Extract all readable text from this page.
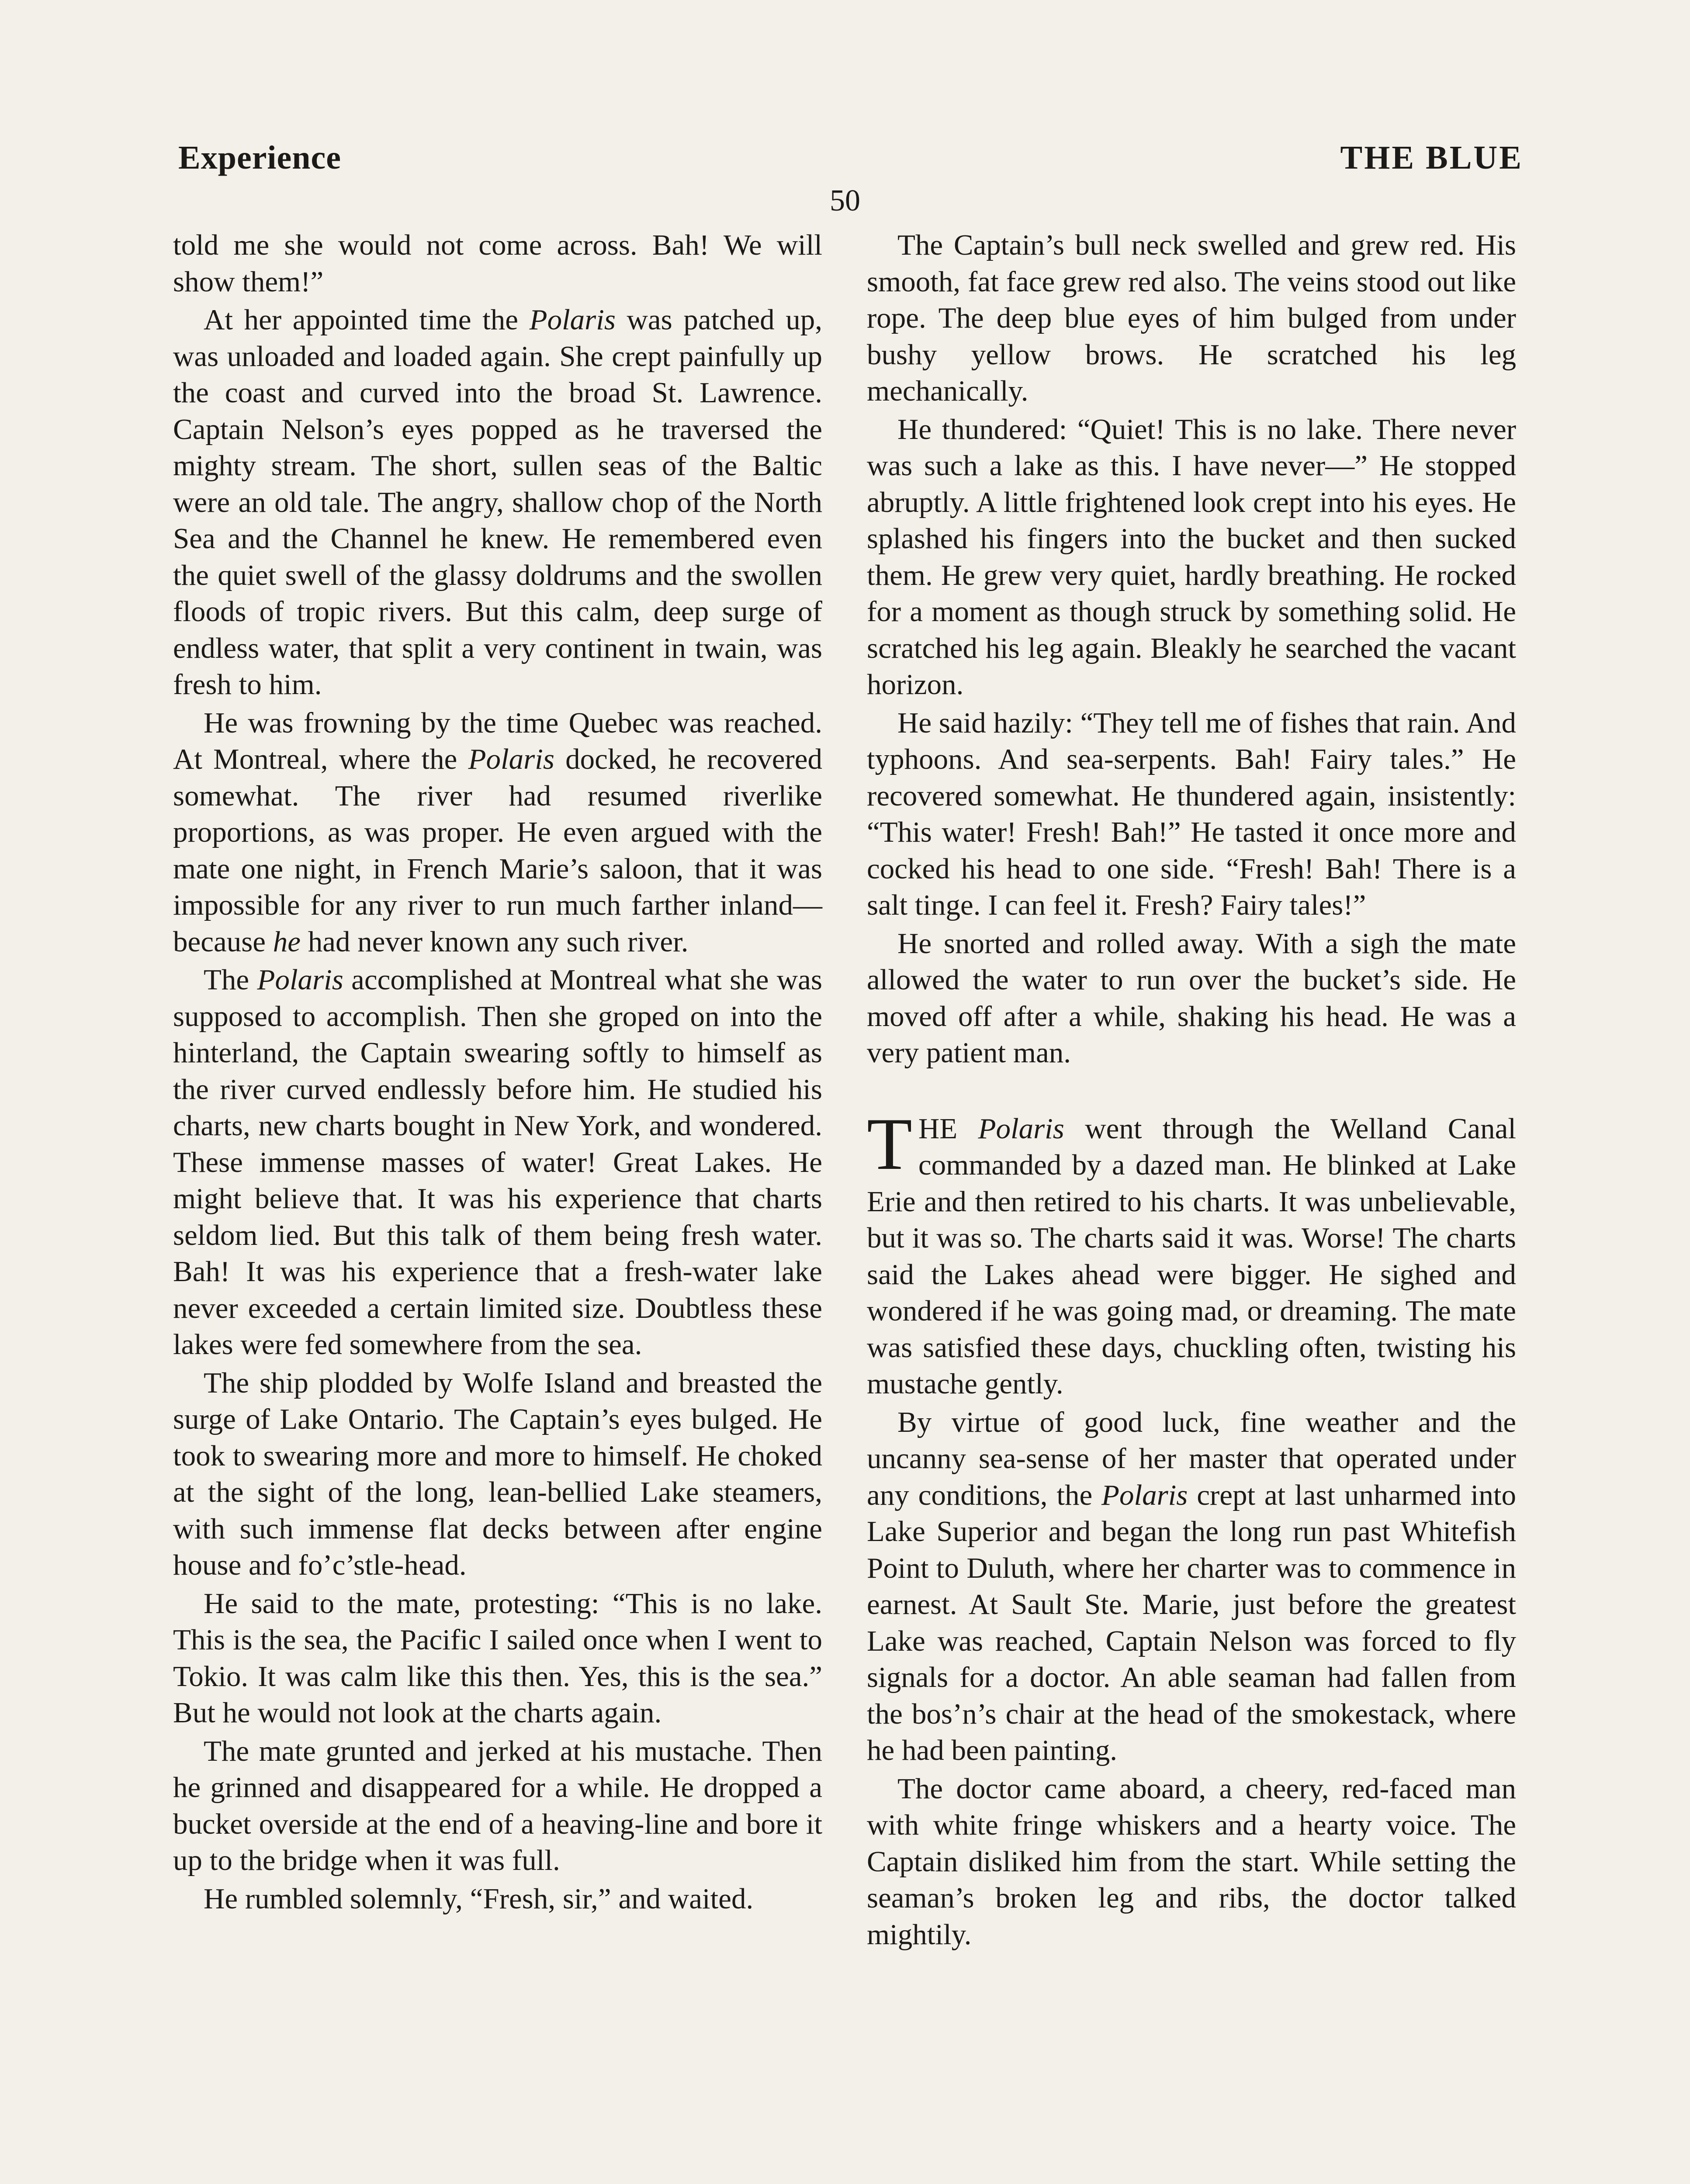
Experience	THE BLUE
50

told me she would not come across. Bah! We will show them!”

At her appointed time the Polaris was patched up, was unloaded and loaded again. She crept painfully up the coast and curved into the broad St. Lawrence. Captain Nelson’s eyes popped as he traversed the mighty stream. The short, sullen seas of the Baltic were an old tale. The angry, shallow chop of the North Sea and the Channel he knew. He remembered even the quiet swell of the glassy doldrums and the swollen floods of tropic rivers. But this calm, deep surge of endless water, that split a very continent in twain, was fresh to him.

He was frowning by the time Quebec was reached. At Montreal, where the Polaris docked, he recovered somewhat. The river had resumed riverlike proportions, as was proper. He even argued with the mate one night, in French Marie’s saloon, that it was impossible for any river to run much farther inland—because he had never known any such river.

The Polaris accomplished at Montreal what she was supposed to accomplish. Then she groped on into the hinterland, the Captain swearing softly to himself as the river curved endlessly before him. He studied his charts, new charts bought in New York, and wondered. These immense masses of water! Great Lakes. He might believe that. It was his experience that charts seldom lied. But this talk of them being fresh water. Bah! It was his experience that a fresh-water lake never exceeded a certain limited size. Doubtless these lakes were fed somewhere from the sea.

The ship plodded by Wolfe Island and breasted the surge of Lake Ontario. The Captain’s eyes bulged. He took to swearing more and more to himself. He choked at the sight of the long, lean-bellied Lake steamers, with such immense flat decks between after engine house and fo’c’stle-head.

He said to the mate, protesting: “This is no lake. This is the sea, the Pacific I sailed once when I went to Tokio. It was calm like this then. Yes, this is the sea.” But he would not look at the charts again.

The mate grunted and jerked at his mustache. Then he grinned and disappeared for a while. He dropped a bucket overside at the end of a heaving-line and bore it up to the bridge when it was full.

He rumbled solemnly, “Fresh, sir,” and waited.

The Captain’s bull neck swelled and grew red. His smooth, fat face grew red also. The veins stood out like rope. The deep blue eyes of him bulged from under bushy yellow brows. He scratched his leg mechanically.

He thundered: “Quiet! This is no lake. There never was such a lake as this. I have never—” He stopped abruptly. A little frightened look crept into his eyes. He splashed his fingers into the bucket and then sucked them. He grew very quiet, hardly breathing. He rocked for a moment as though struck by something solid. He scratched his leg again. Bleakly he searched the vacant horizon.

He said hazily: “They tell me of fishes that rain. And typhoons. And sea-serpents. Bah! Fairy tales.” He recovered somewhat. He thundered again, insistently: “This water! Fresh! Bah!” He tasted it once more and cocked his head to one side. “Fresh! Bah! There is a salt tinge. I can feel it. Fresh? Fairy tales!”

He snorted and rolled away. With a sigh the mate allowed the water to run over the bucket’s side. He moved off after a while, shaking his head. He was a very patient man.

THE Polaris went through the Welland Canal commanded by a dazed man. He blinked at Lake Erie and then retired to his charts. It was unbelievable, but it was so. The charts said it was. Worse! The charts said the Lakes ahead were bigger. He sighed and wondered if he was going mad, or dreaming. The mate was satisfied these days, chuckling often, twisting his mustache gently.

By virtue of good luck, fine weather and the uncanny sea-sense of her master that operated under any conditions, the Polaris crept at last unharmed into Lake Superior and began the long run past Whitefish Point to Duluth, where her charter was to commence in earnest. At Sault Ste. Marie, just before the greatest Lake was reached, Captain Nelson was forced to fly signals for a doctor. An able seaman had fallen from the bos’n’s chair at the head of the smokestack, where he had been painting.

The doctor came aboard, a cheery, red-faced man with white fringe whiskers and a hearty voice. The Captain disliked him from the start. While setting the seaman’s broken leg and ribs, the doctor talked mightily.
